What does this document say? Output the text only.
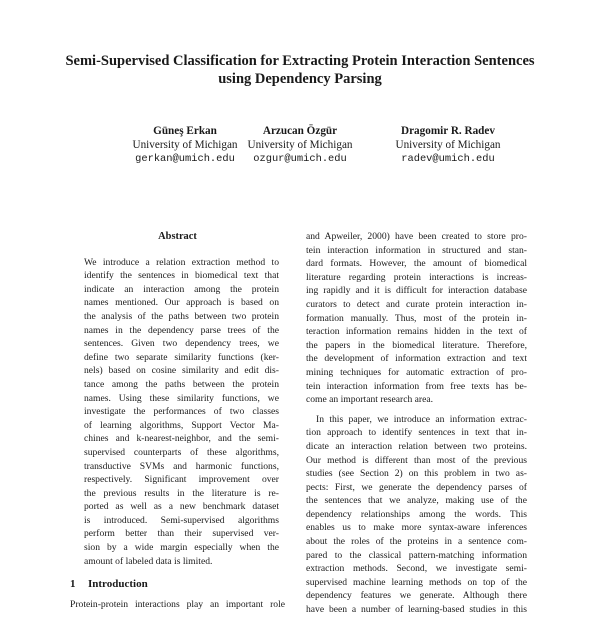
Semi-Supervised Classification for Extracting Protein Interaction Sentences
using Dependency Parsing
Güneş Erkan
University of Michigan
gerkan@umich.edu
Arzucan Özgür
University of Michigan
ozgur@umich.edu
Dragomir R. Radev
University of Michigan
radev@umich.edu
Abstract
We introduce a relation extraction method to
identify the sentences in biomedical text that
indicate an interaction among the protein
names mentioned. Our approach is based on
the analysis of the paths between two protein
names in the dependency parse trees of the
sentences. Given two dependency trees, we
define two separate similarity functions (ker-
nels) based on cosine similarity and edit dis-
tance among the paths between the protein
names. Using these similarity functions, we
investigate the performances of two classes
of learning algorithms, Support Vector Ma-
chines and k-nearest-neighbor, and the semi-
supervised counterparts of these algorithms,
transductive SVMs and harmonic functions,
respectively. Significant improvement over
the previous results in the literature is re-
ported as well as a new benchmark dataset
is introduced. Semi-supervised algorithms
perform better than their supervised ver-
sion by a wide margin especially when the
amount of labeled data is limited.
1 Introduction
Protein-protein interactions play an important role
and Apweiler, 2000) have been created to store pro-
tein interaction information in structured and stan-
dard formats. However, the amount of biomedical
literature regarding protein interactions is increas-
ing rapidly and it is difficult for interaction database
curators to detect and curate protein interaction in-
formation manually. Thus, most of the protein in-
teraction information remains hidden in the text of
the papers in the biomedical literature. Therefore,
the development of information extraction and text
mining techniques for automatic extraction of pro-
tein interaction information from free texts has be-
come an important research area.
In this paper, we introduce an information extrac-
tion approach to identify sentences in text that in-
dicate an interaction relation between two proteins.
Our method is different than most of the previous
studies (see Section 2) on this problem in two as-
pects: First, we generate the dependency parses of
the sentences that we analyze, making use of the
dependency relationships among the words. This
enables us to make more syntax-aware inferences
about the roles of the proteins in a sentence com-
pared to the classical pattern-matching information
extraction methods. Second, we investigate semi-
supervised machine learning methods on top of the
dependency features we generate. Although there
have been a number of learning-based studies in this
